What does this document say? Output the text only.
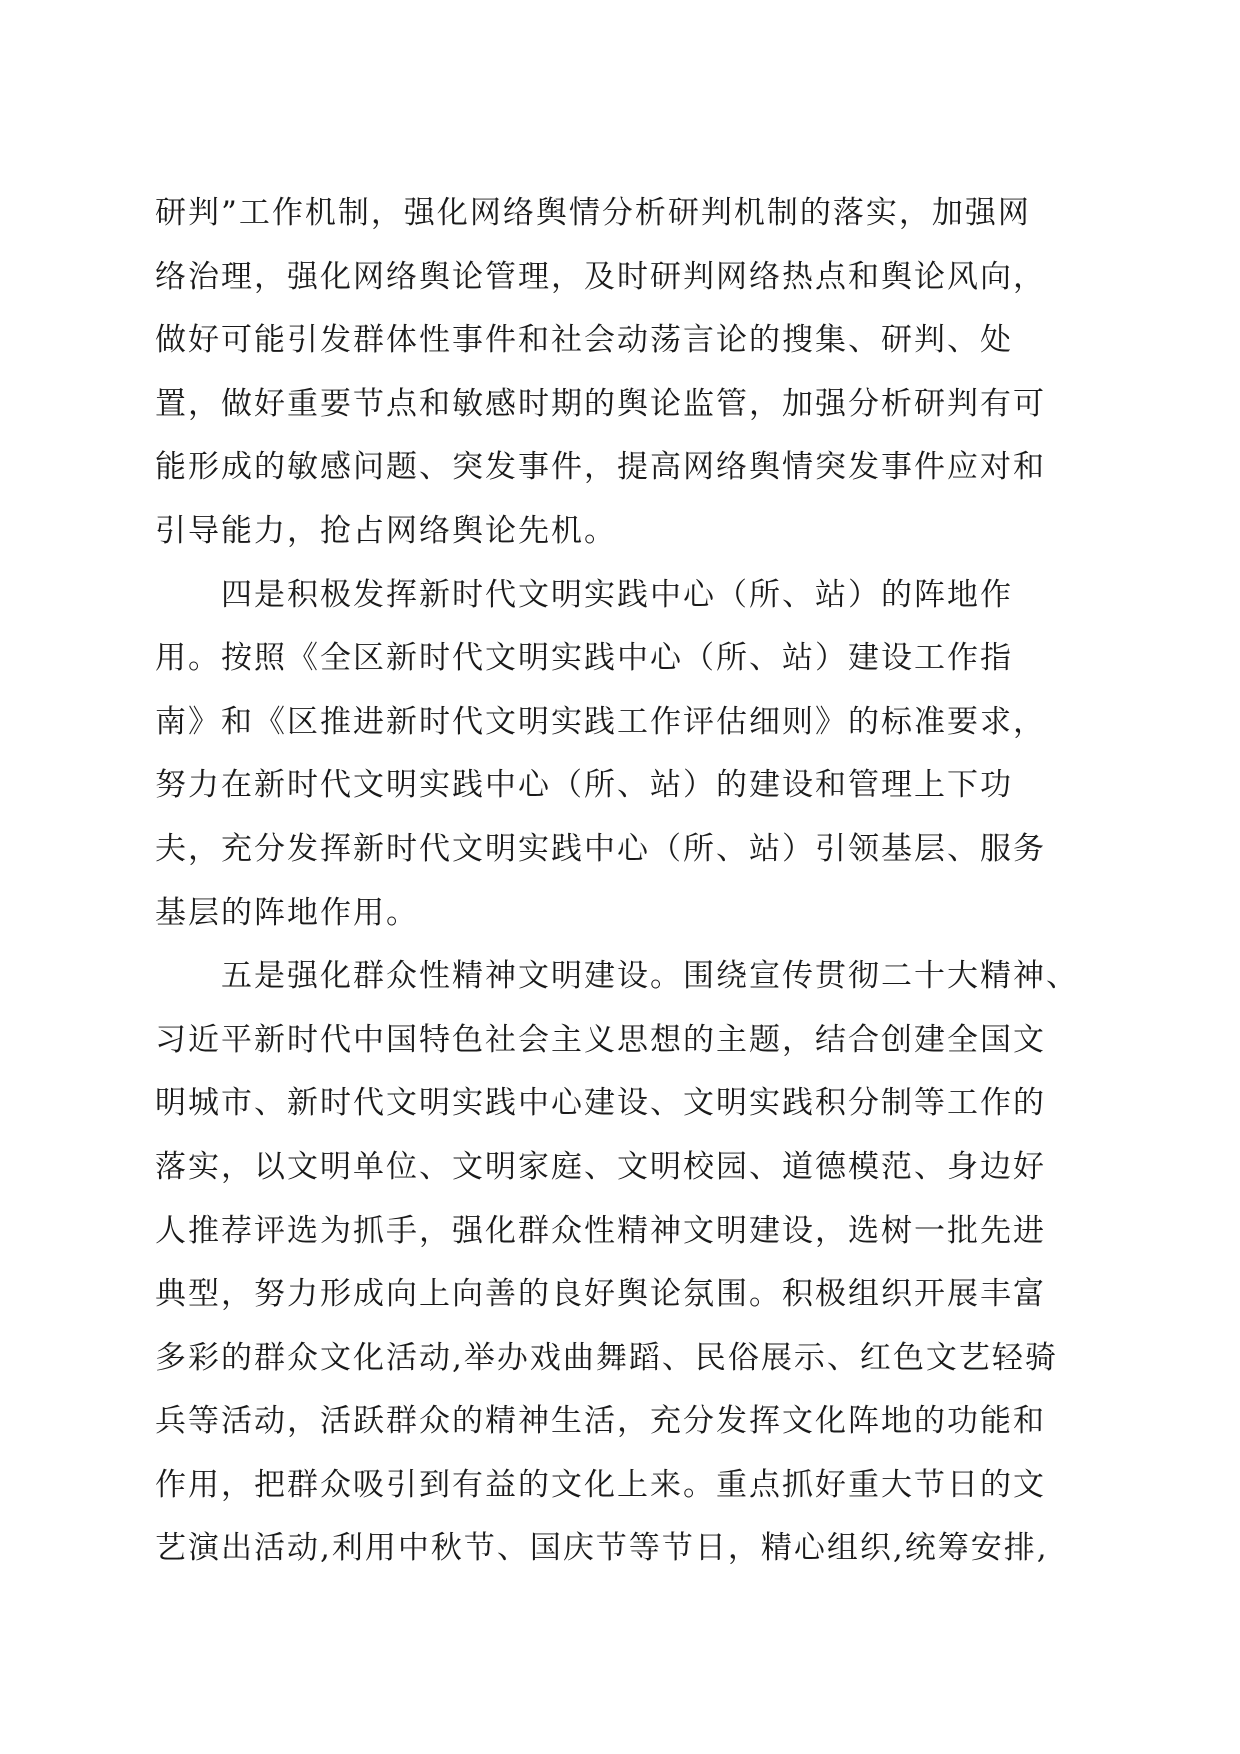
研判”工作机制，强化网络舆情分析研判机制的落实，加强网
络治理，强化网络舆论管理，及时研判网络热点和舆论风向，
做好可能引发群体性事件和社会动荡言论的搜集、研判、处
置，做好重要节点和敏感时期的舆论监管，加强分析研判有可
能形成的敏感问题、突发事件，提高网络舆情突发事件应对和
引导能力，抢占网络舆论先机。
四是积极发挥新时代文明实践中心（所、站）的阵地作
用。按照《全区新时代文明实践中心（所、站）建设工作指
南》和《区推进新时代文明实践工作评估细则》的标准要求，
努力在新时代文明实践中心（所、站）的建设和管理上下功
夫，充分发挥新时代文明实践中心（所、站）引领基层、服务
基层的阵地作用。
五是强化群众性精神文明建设。围绕宣传贯彻二十大精神、
习近平新时代中国特色社会主义思想的主题，结合创建全国文
明城市、新时代文明实践中心建设、文明实践积分制等工作的
落实，以文明单位、文明家庭、文明校园、道德模范、身边好
人推荐评选为抓手，强化群众性精神文明建设，选树一批先进
典型，努力形成向上向善的良好舆论氛围。积极组织开展丰富
多彩的群众文化活动,举办戏曲舞蹈、民俗展示、红色文艺轻骑
兵等活动，活跃群众的精神生活，充分发挥文化阵地的功能和
作用，把群众吸引到有益的文化上来。重点抓好重大节日的文
艺演出活动,利用中秋节、国庆节等节日，精心组织,统筹安排,
